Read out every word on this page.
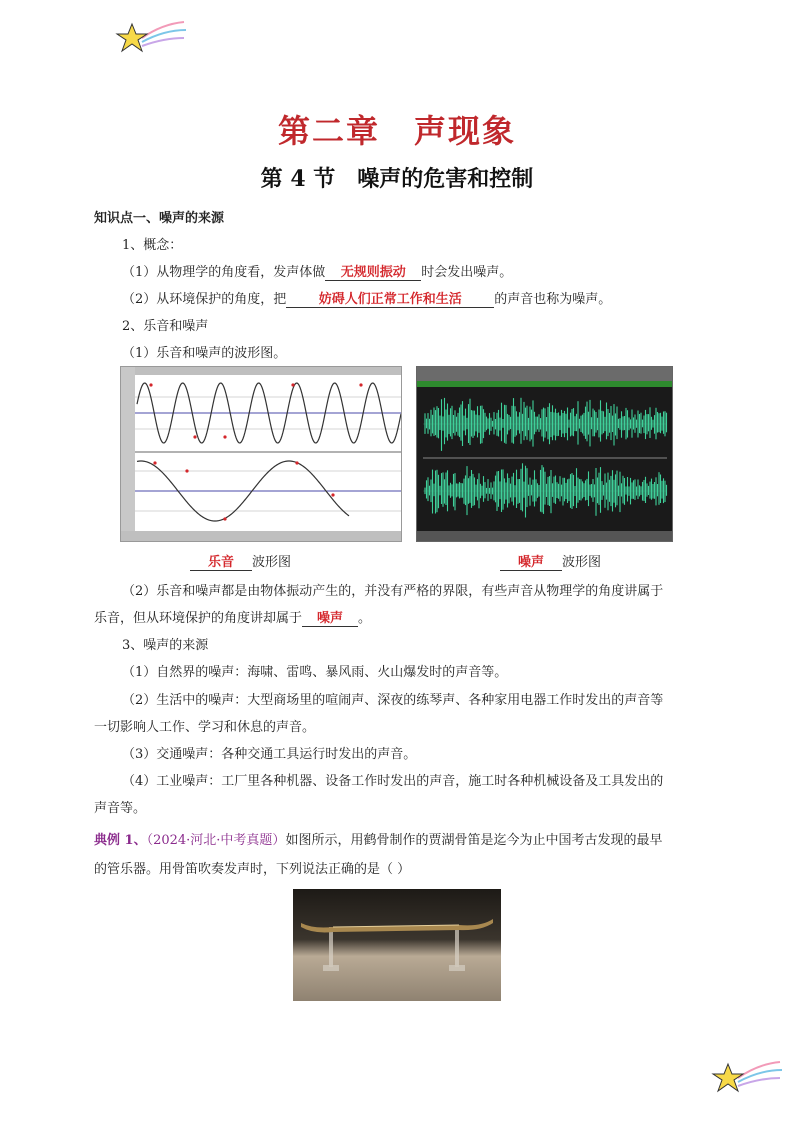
第二章　声现象
第 4 节　噪声的危害和控制
知识点一、噪声的来源
1、概念：
（1）从物理学的角度看，发声体做 无规则振动 时会发出噪声。
（2）从环境保护的角度，把 妨碍人们正常工作和生活	的声音也称为噪声。
2、乐音和噪声
（1）乐音和噪声的波形图。
乐音 波形图	噪声 波形图
（2）乐音和噪声都是由物体振动产生的，并没有严格的界限，有些声音从物理学的角度讲属于
乐音，但从环境保护的角度讲却属于 噪声 。
3、噪声的来源
（1）自然界的噪声：海啸、雷鸣、暴风雨、火山爆发时的声音等。
（2）生活中的噪声：大型商场里的喧闹声、深夜的练琴声、各种家用电器工作时发出的声音等
一切影响人工作、学习和休息的声音。
（3）交通噪声：各种交通工具运行时发出的声音。
（4）工业噪声：工厂里各种机器、设备工作时发出的声音，施工时各种机械设备及工具发出的
声音等。
典例 1、（2024·河北·中考真题）如图所示，用鹤骨制作的贾湖骨笛是迄今为止中国考古发现的最早
的管乐器。用骨笛吹奏发声时，下列说法正确的是（ ）
